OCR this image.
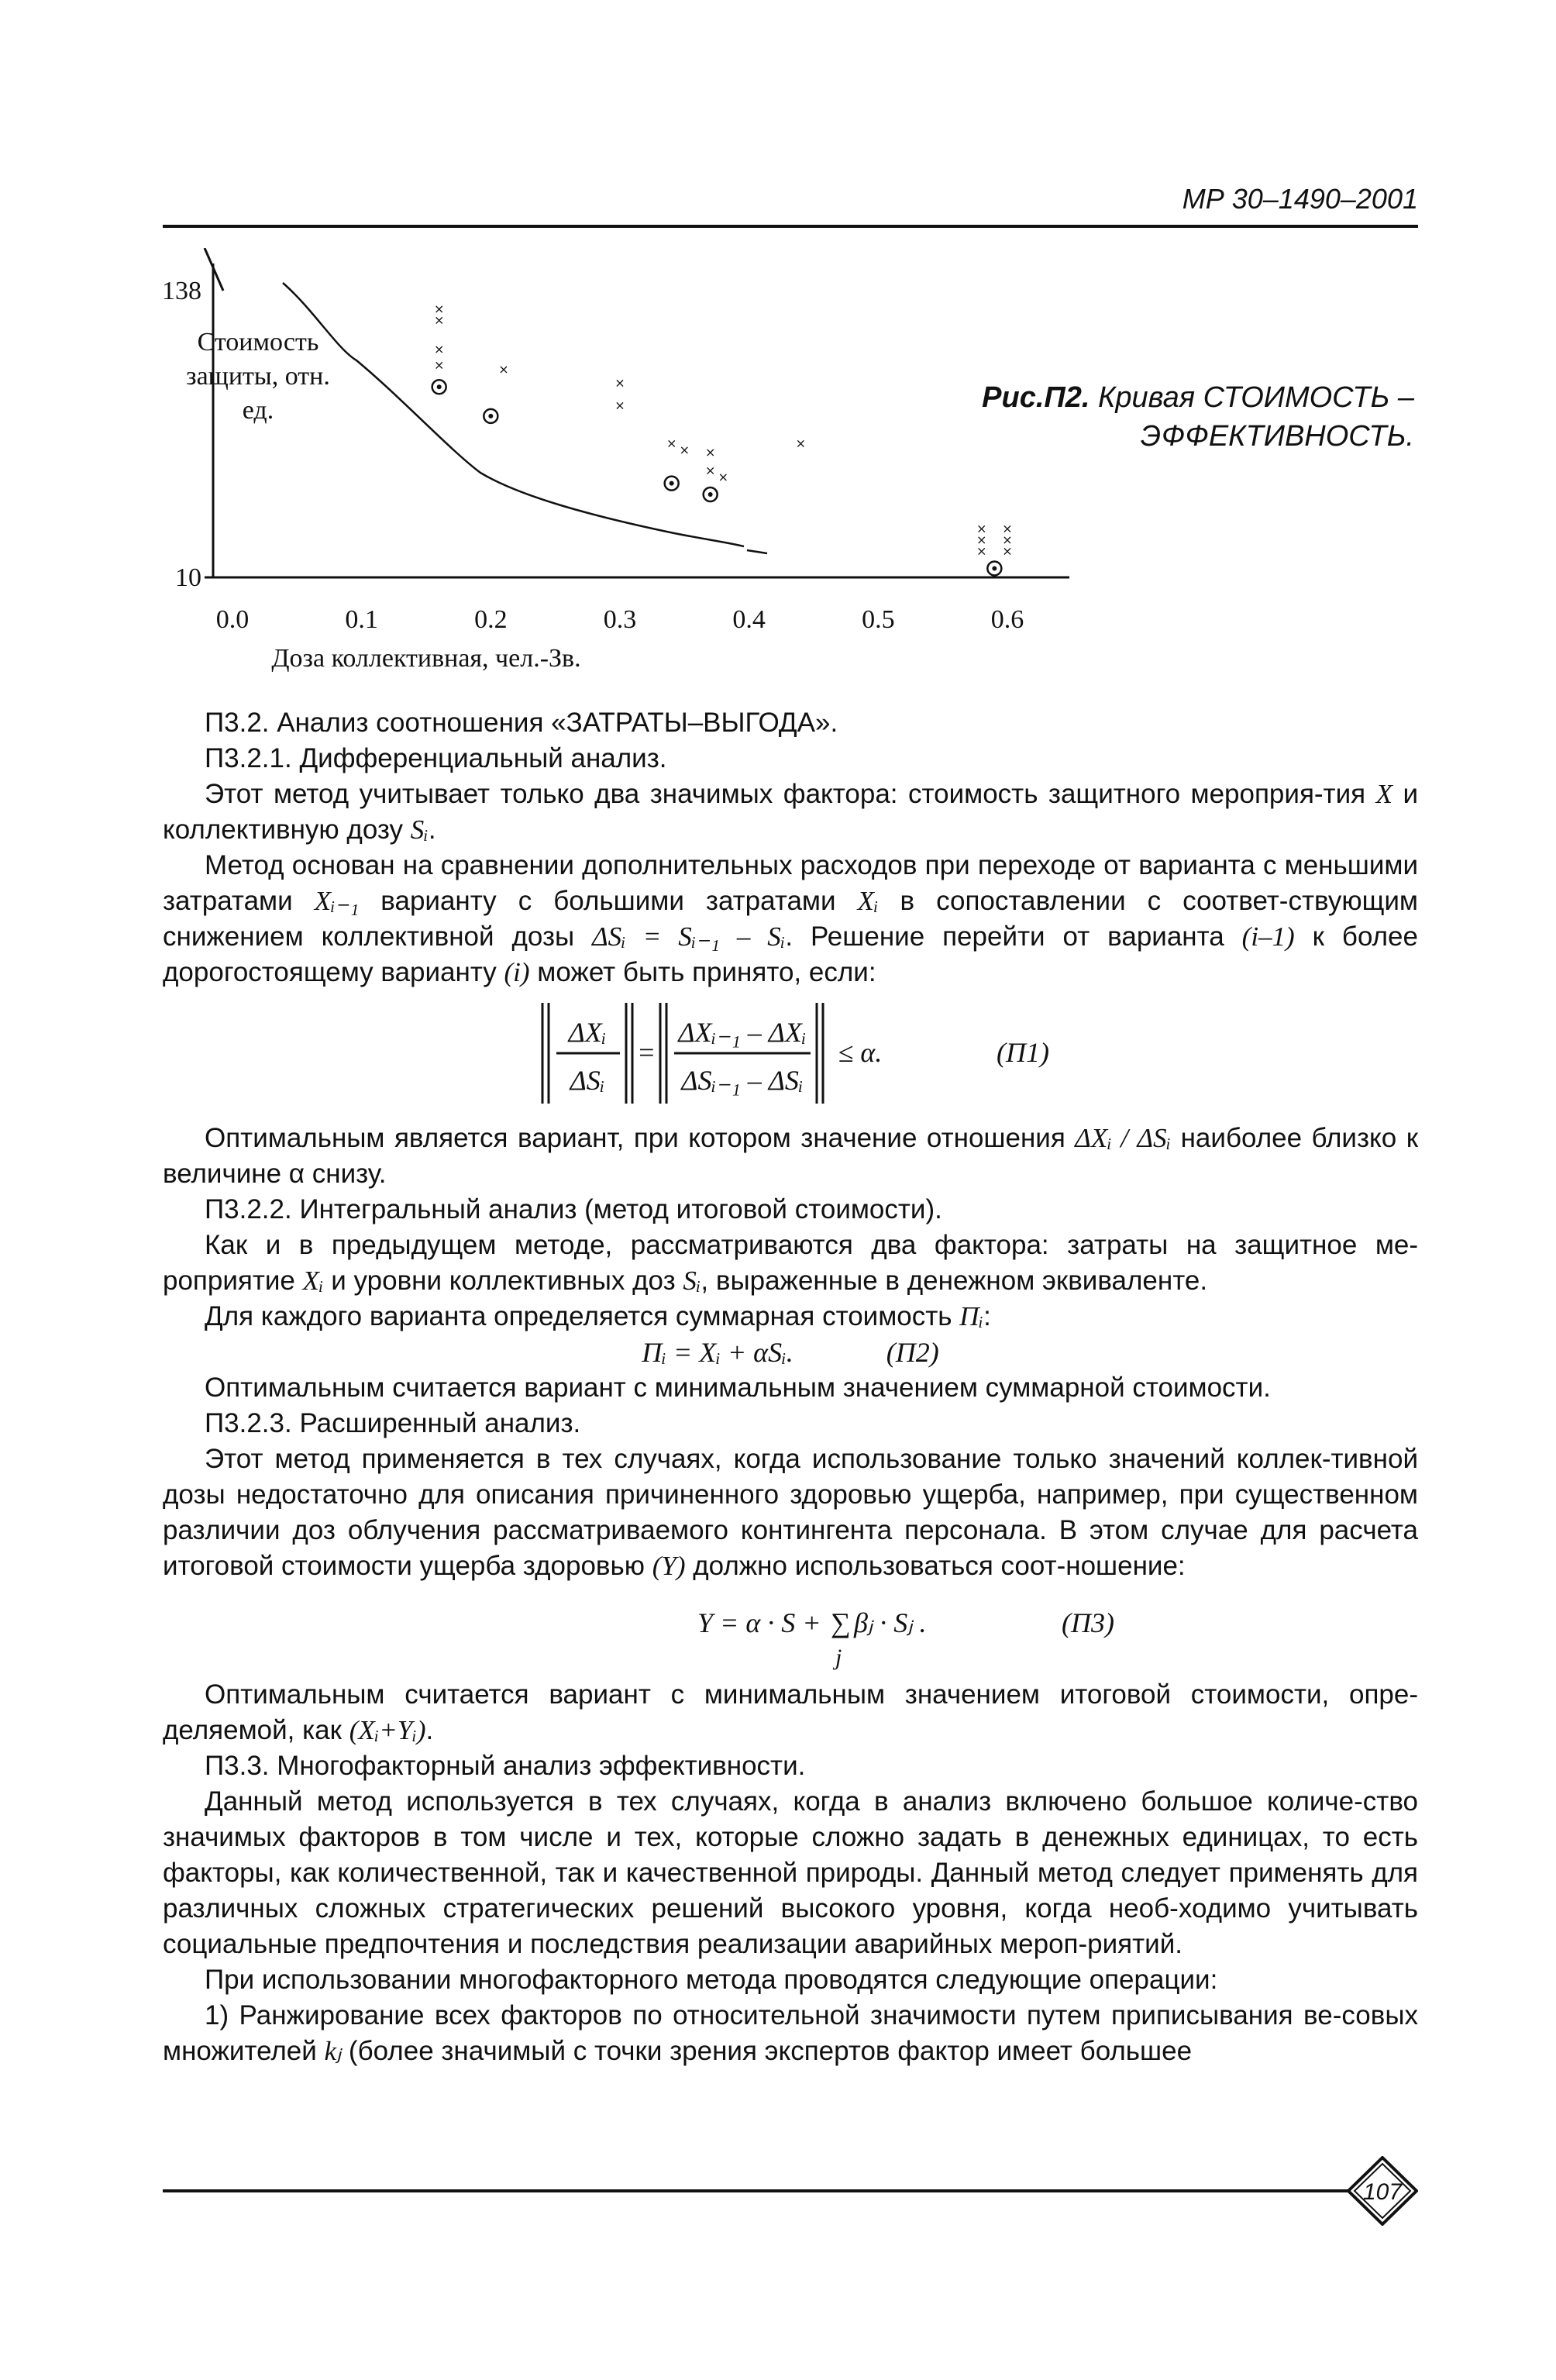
МР 30–1490–2001
Стоимость защиты, отн. ед.
138
10
0.0	0.1	0.2	0.3	0.4	0.5	0.6
Доза коллективная, чел.-Зв.
×
×
×
×	×
×
×
× × ×
× ×
×
× ×
× ×
× ×
Рис.П2. Кривая СТОИМОСТЬ – ЭФФЕКТИВНОСТЬ.

П3.2. Анализ соотношения «ЗАТРАТЫ–ВЫГОДА».

П3.2.1. Дифференциальный анализ.

Этот метод учитывает только два значимых фактора: стоимость защитного мероприя-тия X и коллективную дозу Sᵢ.

Метод основан на сравнении дополнительных расходов при переходе от варианта с меньшими затратами Xᵢ₋₁ варианту с большими затратами Xᵢ в сопоставлении с соответ-ствующим снижением коллективной дозы ΔSᵢ = Sᵢ₋₁ – Sᵢ. Решение перейти от варианта (i–1) к более дорогостоящему варианту (i) может быть принято, если:

ΔXᵢ
ΔSᵢ
=
ΔXᵢ₋₁ – ΔXᵢ
ΔSᵢ₋₁ – ΔSᵢ
≤ α.	(П1)

Оптимальным является вариант, при котором значение отношения ΔXᵢ / ΔSᵢ наиболее близко к величине α снизу.

П3.2.2. Интегральный анализ (метод итоговой стоимости).

Как и в предыдущем методе, рассматриваются два фактора: затраты на защитное ме-роприятие Xᵢ и уровни коллективных доз Sᵢ, выраженные в денежном эквиваленте.

Для каждого варианта определяется суммарная стоимость Пᵢ:

Пᵢ = Xᵢ + αSᵢ.	(П2)

Оптимальным считается вариант с минимальным значением суммарной стоимости.

П3.2.3. Расширенный анализ.

Этот метод применяется в тех случаях, когда использование только значений коллек-тивной дозы недостаточно для описания причиненного здоровью ущерба, например, при существенном различии доз облучения рассматриваемого контингента персонала. В этом случае для расчета итоговой стоимости ущерба здоровью (Y) должно использоваться соот-ношение:

Y = α · S + ∑ βⱼ · Sⱼ .
j
(П3)

Оптимальным считается вариант с минимальным значением итоговой стоимости, опре-деляемой, как (Xᵢ+Yᵢ).

П3.3. Многофакторный анализ эффективности.

Данный метод используется в тех случаях, когда в анализ включено большое количе-ство значимых факторов в том числе и тех, которые сложно задать в денежных единицах, то есть факторы, как количественной, так и качественной природы. Данный метод следует применять для различных сложных стратегических решений высокого уровня, когда необ-ходимо учитывать социальные предпочтения и последствия реализации аварийных мероп-риятий.

При использовании многофакторного метода проводятся следующие операции:

1) Ранжирование всех факторов по относительной значимости путем приписывания ве-совых множителей kⱼ (более значимый с точки зрения экспертов фактор имеет большее

107
